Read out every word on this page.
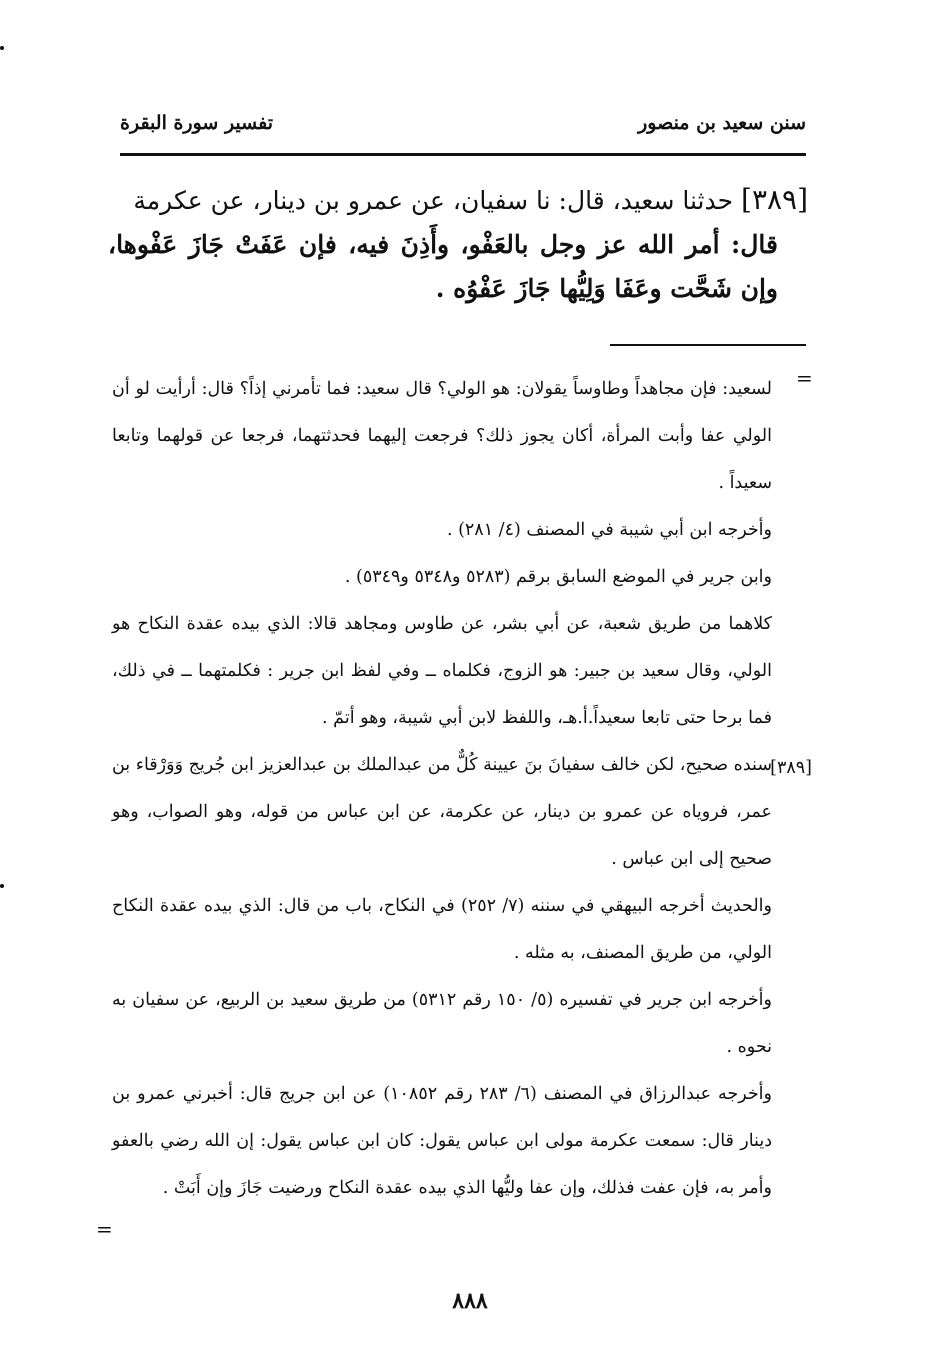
سنن سعيد بن منصور
تفسير سورة البقرة

[٣٨٩] حدثنا سعيد، قال: نا سفيان، عن عمرو بن دينار، عن عكرمة

قال: أمر الله عز وجل بالعَفْو، وأَذِنَ فيه، فإن عَفَتْ جَازَ عَفْوها، وإن شَحَّت وعَفَا وَلِيُّها جَازَ عَفْوُه .
=

لسعيد: فإن مجاهداً وطاوساً يقولان: هو الولي؟ قال سعيد: فما تأمرني إذاً؟ قال: أرأيت لو أن الولي عفا وأبت المرأة، أكان يجوز ذلك؟ فرجعت إليهما فحدثتهما، فرجعا عن قولهما وتابعا سعيداً .

وأخرجه ابن أبي شيبة في المصنف (٤/ ٢٨١) .

وابن جرير في الموضع السابق برقم (٥٢٨٣ و٥٣٤٨ و٥٣٤٩) .

كلاهما من طريق شعبة، عن أبي بشر، عن طاوس ومجاهد قالا: الذي بيده عقدة النكاح هو الولي، وقال سعيد بن جبير: هو الزوج، فكلماه ــ وفي لفظ ابن جرير : فكلمتهما ــ في ذلك، فما برحا حتى تابعا سعيداً.أ.هـ، واللفظ لابن أبي شيبة، وهو أتمّ .

سنده صحيح، لكن خالف سفيانَ بنَ عيينة كُلٌّ من عبدالملك بن عبدالعزيز ابن جُريج وَوَرْقاء بن عمر، فروياه عن عمرو بن دينار، عن عكرمة، عن ابن عباس من قوله، وهو الصواب، وهو صحيح إلى ابن عباس .

والحديث أخرجه البيهقي في سننه (٧/ ٢٥٢) في النكاح، باب من قال: الذي بيده عقدة النكاح الولي، من طريق المصنف، به مثله .

وأخرجه ابن جرير في تفسيره (٥/ ١٥٠ رقم ٥٣١٢) من طريق سعيد بن الربيع، عن سفيان به نحوه .

وأخرجه عبدالرزاق في المصنف (٦/ ٢٨٣ رقم ١٠٨٥٢) عن ابن جريج قال: أخبرني عمرو بن دينار قال: سمعت عكرمة مولى ابن عباس يقول: كان ابن عباس يقول: إن الله رضي بالعفو وأمر به، فإن عفت فذلك، وإن عفا وليُّها الذي بيده عقدة النكاح ورضيت جَازَ وإن أَبَتْ .

[٣٨٩]
=
٨٨٨
